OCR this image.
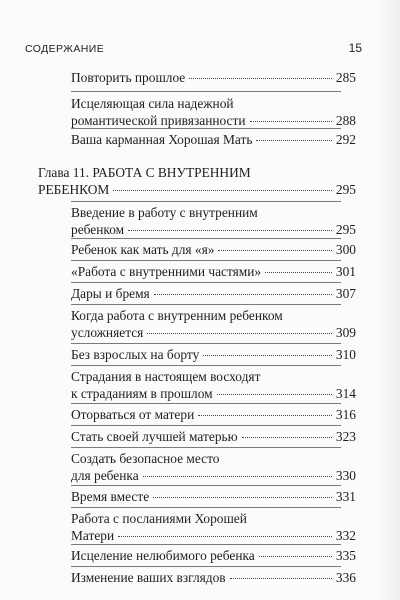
СОДЕРЖАНИЕ	15
Повторить прошлое	285
Исцеляющая сила надежной
романтической привязанности	288
Ваша карманная Хорошая Мать	292
Глава 11. РАБОТА С ВНУТРЕННИМ
РЕБЕНКОМ	295
Введение в работу с внутренним
ребенком	295
Ребенок как мать для «я»	300
«Работа с внутренними частями»	301
Дары и бремя	307
Когда работа с внутренним ребенком
усложняется	309
Без взрослых на борту	310
Страдания в настоящем восходят
к страданиям в прошлом	314
Оторваться от матери	316
Стать своей лучшей матерью	323
Создать безопасное место
для ребенка	330
Время вместе	331
Работа с посланиями Хорошей
Матери	332
Исцеление нелюбимого ребенка	335
Изменение ваших взглядов	336
